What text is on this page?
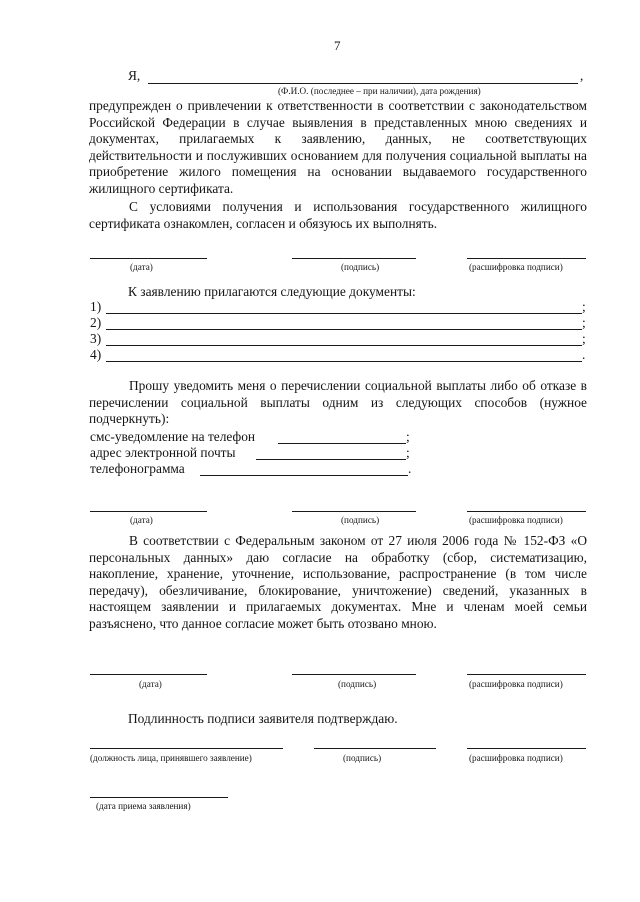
7
Я,	,
(Ф.И.О. (последнее – при наличии), дата рождения)
предупрежден о привлечении к ответственности в соответствии с законодательством Российской Федерации в случае выявления в представленных мною сведениях и документах, прилагаемых к заявлению, данных, не соответствующих действительности и послуживших основанием для получения социальной выплаты на приобретение жилого помещения на основании выдаваемого государственного жилищного сертификата.
С условиями получения и использования государственного жилищного сертификата ознакомлен, согласен и обязуюсь их выполнять.
(дата)	(подпись)	(расшифровка подписи)
К заявлению прилагаются следующие документы:
1)	;
2)	;
3)	;
4)	.
Прошу уведомить меня о перечислении социальной выплаты либо об отказе в перечислении социальной выплаты одним из следующих способов (нужное подчеркнуть):
смс-уведомление на телефон	;
адрес электронной почты	;
телефонограмма	.
(дата)	(подпись)	(расшифровка подписи)
В соответствии с Федеральным законом от 27 июля 2006 года № 152-ФЗ «О персональных данных» даю согласие на обработку (сбор, систематизацию, накопление, хранение, уточнение, использование, распространение (в том числе передачу), обезличивание, блокирование, уничтожение) сведений, указанных в настоящем заявлении и прилагаемых документах. Мне и членам моей семьи разъяснено, что данное согласие может быть отозвано мною.
(дата)	(подпись)	(расшифровка подписи)
Подлинность подписи заявителя подтверждаю.
(должность лица, принявшего заявление)	(подпись)	(расшифровка подписи)
(дата приема заявления)
